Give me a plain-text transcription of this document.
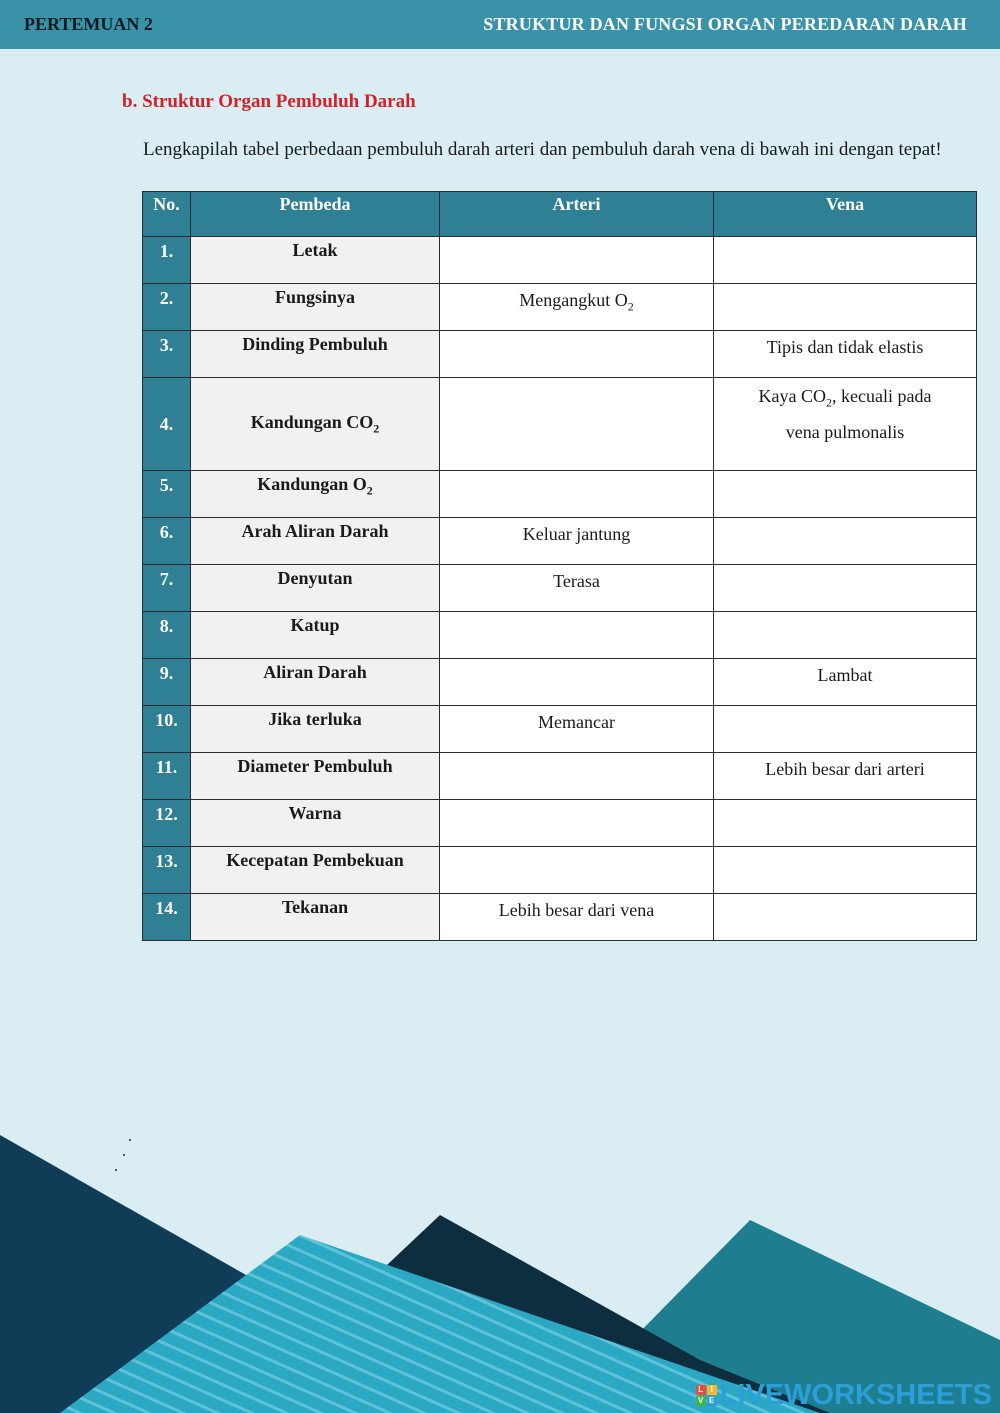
PERTEMUAN 2	STRUKTUR DAN FUNGSI ORGAN PEREDARAN DARAH
b. Struktur Organ Pembuluh Darah
Lengkapilah tabel perbedaan pembuluh darah arteri dan pembuluh darah vena di bawah ini dengan tepat!
No.	Pembeda	Arteri	Vena
1.	Letak		
2.	Fungsinya	Mengangkut $O_2$	
3.	Dinding Pembuluh		Tipis dan tidak elastis
4.	Kandungan $CO_2$		Kaya $CO_2$, kecuali pada
vena pulmonalis

5.	Kandungan $O_2$		
6.	Arah Aliran Darah	Keluar jantung	
7.	Denyutan	Terasa	
8.	Katup		
9.	Aliran Darah		Lambat
10.	Jika terluka	Memancar	
11.	Diameter Pembuluh		Lebih besar dari arteri
12.	Warna		
13.	Kecepatan Pembekuan		
14.	Tekanan	Lebih besar dari vena	
L I
V E LIVEWORKSHEETS
